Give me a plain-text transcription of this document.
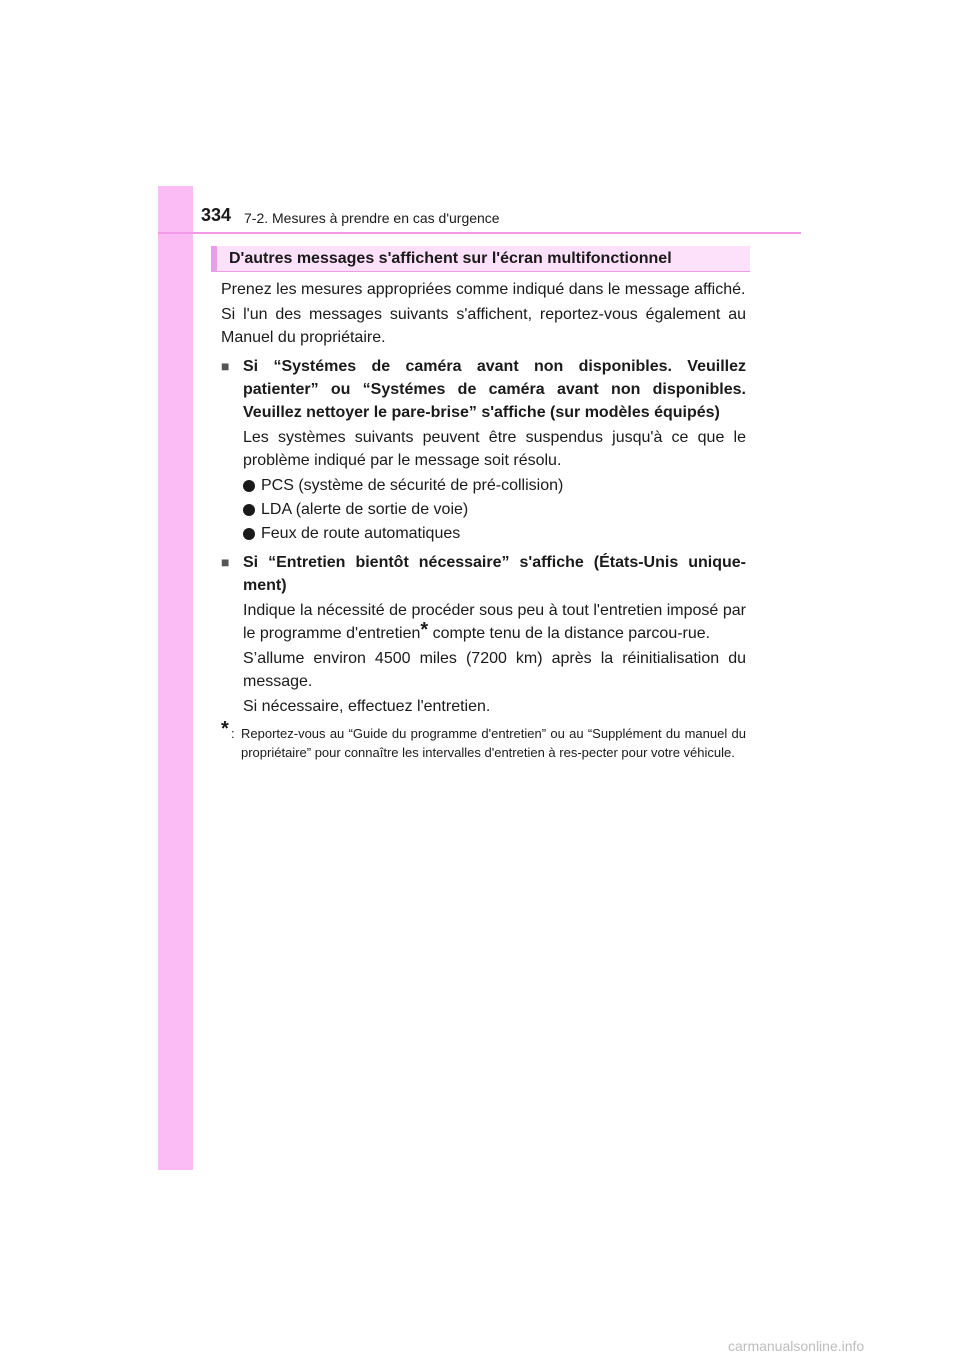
334 7-2. Mesures à prendre en cas d'urgence
D'autres messages s'affichent sur l'écran multifonctionnel

Prenez les mesures appropriées comme indiqué dans le message affiché.

Si l'un des messages suivants s'affichent, reportez-vous également au Manuel du propriétaire.

■ Si “Systémes de caméra avant non disponibles. Veuillez patienter” ou “Systémes de caméra avant non disponibles. Veuillez nettoyer le pare-brise” s'affiche (sur modèles équipés)

Les systèmes suivants peuvent être suspendus jusqu'à ce que le problème indiqué par le message soit résolu.

PCS (système de sécurité de pré-collision)
LDA (alerte de sortie de voie)
Feux de route automatiques
■ Si “Entretien bientôt nécessaire” s'affiche (États-Unis unique-ment)

Indique la nécessité de procéder sous peu à tout l'entretien imposé par le programme d'entretien* compte tenu de la distance parcou-rue.

S’allume environ 4500 miles (7200 km) après la réinitialisation du message.

Si nécessaire, effectuez l'entretien.

* : Reportez-vous au “Guide du programme d'entretien” ou au “Supplément du manuel du propriétaire” pour connaître les intervalles d'entretien à res-pecter pour votre véhicule.
carmanualsonline.info
